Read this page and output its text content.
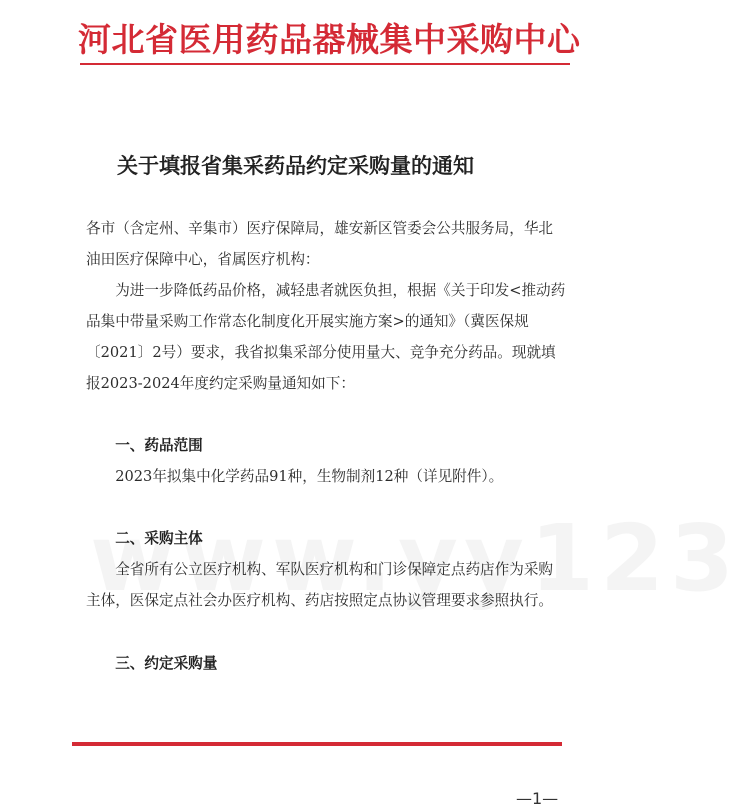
河北省医用药品器械集中采购中心
关于填报省集采药品约定采购量的通知

各市（含定州、辛集市）医疗保障局，雄安新区管委会公共服务局，华北油田医疗保障中心，省属医疗机构：

为进一步降低药品价格，减轻患者就医负担，根据《关于印发<推动药品集中带量采购工作常态化制度化开展实施方案>的通知》（冀医保规〔2021〕2号）要求，我省拟集采部分使用量大、竞争充分药品。现就填报2023-2024年度约定采购量通知如下：

一、药品范围

2023年拟集中化学药品91种，生物制剂12种（详见附件）。

二、采购主体

全省所有公立医疗机构、军队医疗机构和门诊保障定点药店作为采购主体，医保定点社会办医疗机构、药店按照定点协议管理要求参照执行。

三、约定采购量

—1—
